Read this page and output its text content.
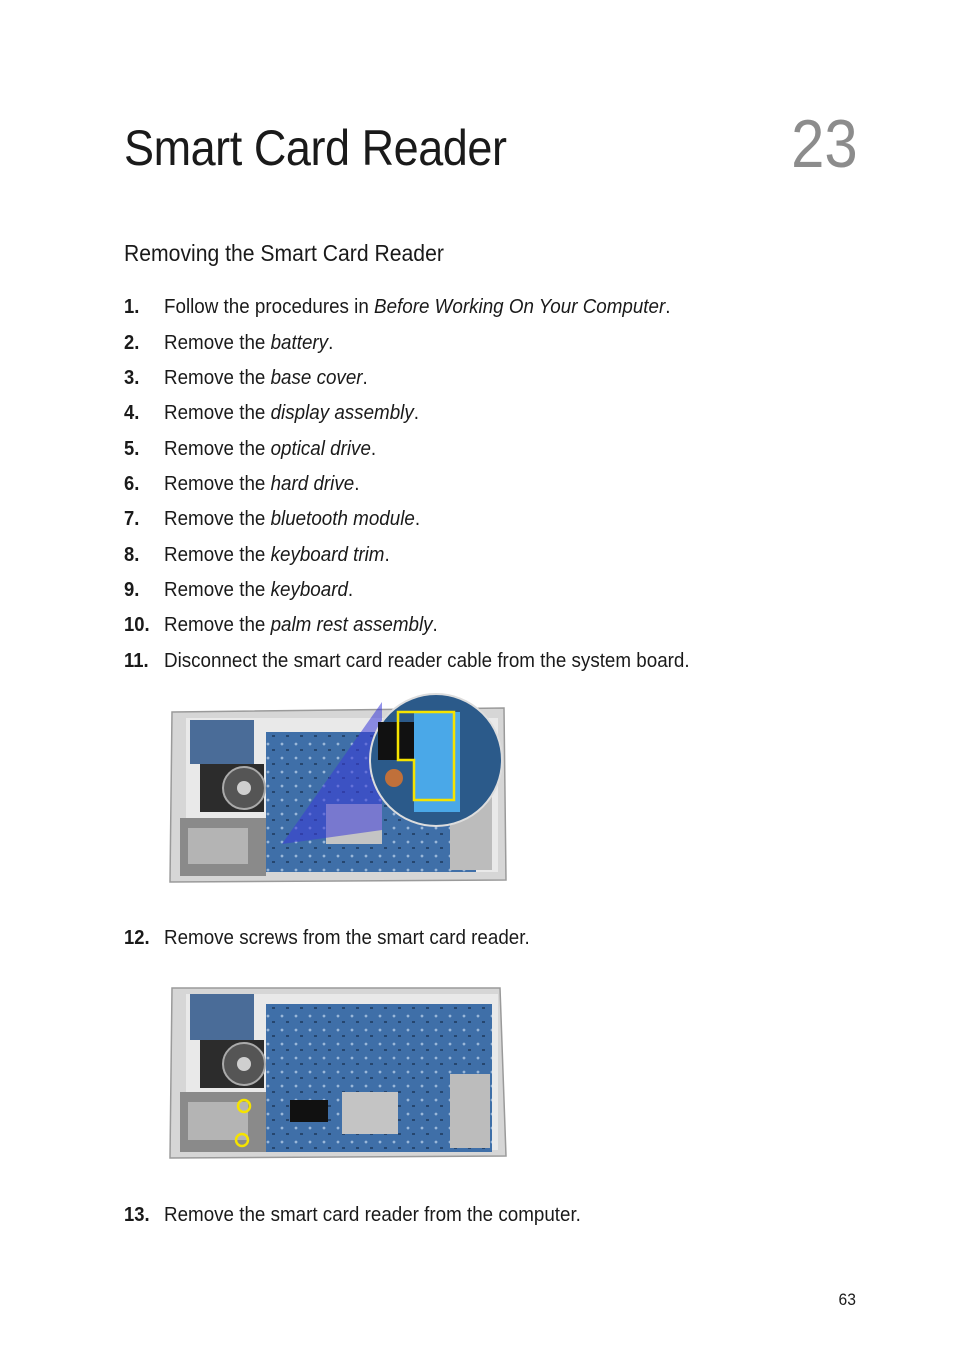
Smart Card Reader	23
Removing the Smart Card Reader
1. Follow the procedures in Before Working On Your Computer.
2. Remove the battery.
3. Remove the base cover.
4. Remove the display assembly.
5. Remove the optical drive.
6. Remove the hard drive.
7. Remove the bluetooth module.
8. Remove the keyboard trim.
9. Remove the keyboard.
10. Remove the palm rest assembly.
11. Disconnect the smart card reader cable from the system board.
12. Remove screws from the smart card reader.
13. Remove the smart card reader from the computer.
63
